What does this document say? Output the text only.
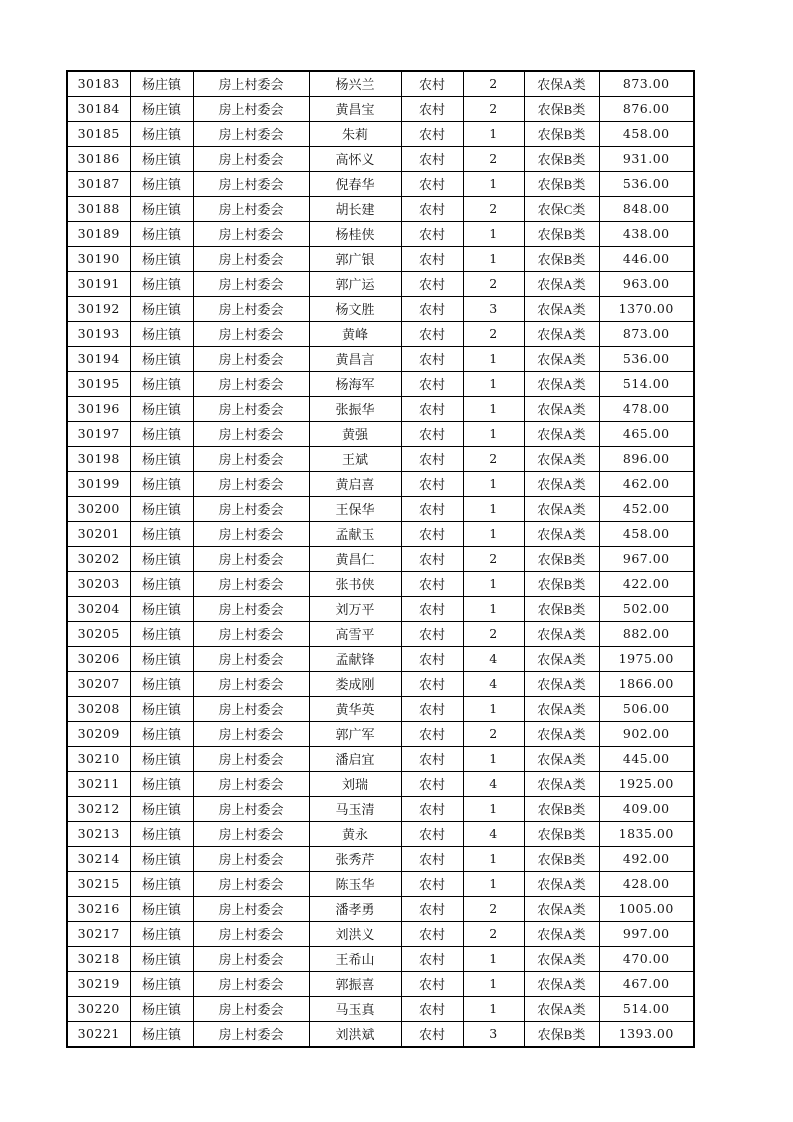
30183	杨庄镇	房上村委会	杨兴兰	农村	2	农保A类	873.00
30184	杨庄镇	房上村委会	黄昌宝	农村	2	农保B类	876.00
30185	杨庄镇	房上村委会	朱莉	农村	1	农保B类	458.00
30186	杨庄镇	房上村委会	高怀义	农村	2	农保B类	931.00
30187	杨庄镇	房上村委会	倪春华	农村	1	农保B类	536.00
30188	杨庄镇	房上村委会	胡长建	农村	2	农保C类	848.00
30189	杨庄镇	房上村委会	杨桂侠	农村	1	农保B类	438.00
30190	杨庄镇	房上村委会	郭广银	农村	1	农保B类	446.00
30191	杨庄镇	房上村委会	郭广运	农村	2	农保A类	963.00
30192	杨庄镇	房上村委会	杨文胜	农村	3	农保A类	1370.00
30193	杨庄镇	房上村委会	黄峰	农村	2	农保A类	873.00
30194	杨庄镇	房上村委会	黄昌言	农村	1	农保A类	536.00
30195	杨庄镇	房上村委会	杨海军	农村	1	农保A类	514.00
30196	杨庄镇	房上村委会	张振华	农村	1	农保A类	478.00
30197	杨庄镇	房上村委会	黄强	农村	1	农保A类	465.00
30198	杨庄镇	房上村委会	王斌	农村	2	农保A类	896.00
30199	杨庄镇	房上村委会	黄启喜	农村	1	农保A类	462.00
30200	杨庄镇	房上村委会	王保华	农村	1	农保A类	452.00
30201	杨庄镇	房上村委会	孟献玉	农村	1	农保A类	458.00
30202	杨庄镇	房上村委会	黄昌仁	农村	2	农保B类	967.00
30203	杨庄镇	房上村委会	张书侠	农村	1	农保B类	422.00
30204	杨庄镇	房上村委会	刘万平	农村	1	农保B类	502.00
30205	杨庄镇	房上村委会	高雪平	农村	2	农保A类	882.00
30206	杨庄镇	房上村委会	孟献锋	农村	4	农保A类	1975.00
30207	杨庄镇	房上村委会	娄成刚	农村	4	农保A类	1866.00
30208	杨庄镇	房上村委会	黄华英	农村	1	农保A类	506.00
30209	杨庄镇	房上村委会	郭广军	农村	2	农保A类	902.00
30210	杨庄镇	房上村委会	潘启宜	农村	1	农保A类	445.00
30211	杨庄镇	房上村委会	刘瑞	农村	4	农保A类	1925.00
30212	杨庄镇	房上村委会	马玉清	农村	1	农保B类	409.00
30213	杨庄镇	房上村委会	黄永	农村	4	农保B类	1835.00
30214	杨庄镇	房上村委会	张秀芹	农村	1	农保B类	492.00
30215	杨庄镇	房上村委会	陈玉华	农村	1	农保A类	428.00
30216	杨庄镇	房上村委会	潘孝勇	农村	2	农保A类	1005.00
30217	杨庄镇	房上村委会	刘洪义	农村	2	农保A类	997.00
30218	杨庄镇	房上村委会	王希山	农村	1	农保A类	470.00
30219	杨庄镇	房上村委会	郭振喜	农村	1	农保A类	467.00
30220	杨庄镇	房上村委会	马玉真	农村	1	农保A类	514.00
30221	杨庄镇	房上村委会	刘洪斌	农村	3	农保B类	1393.00
